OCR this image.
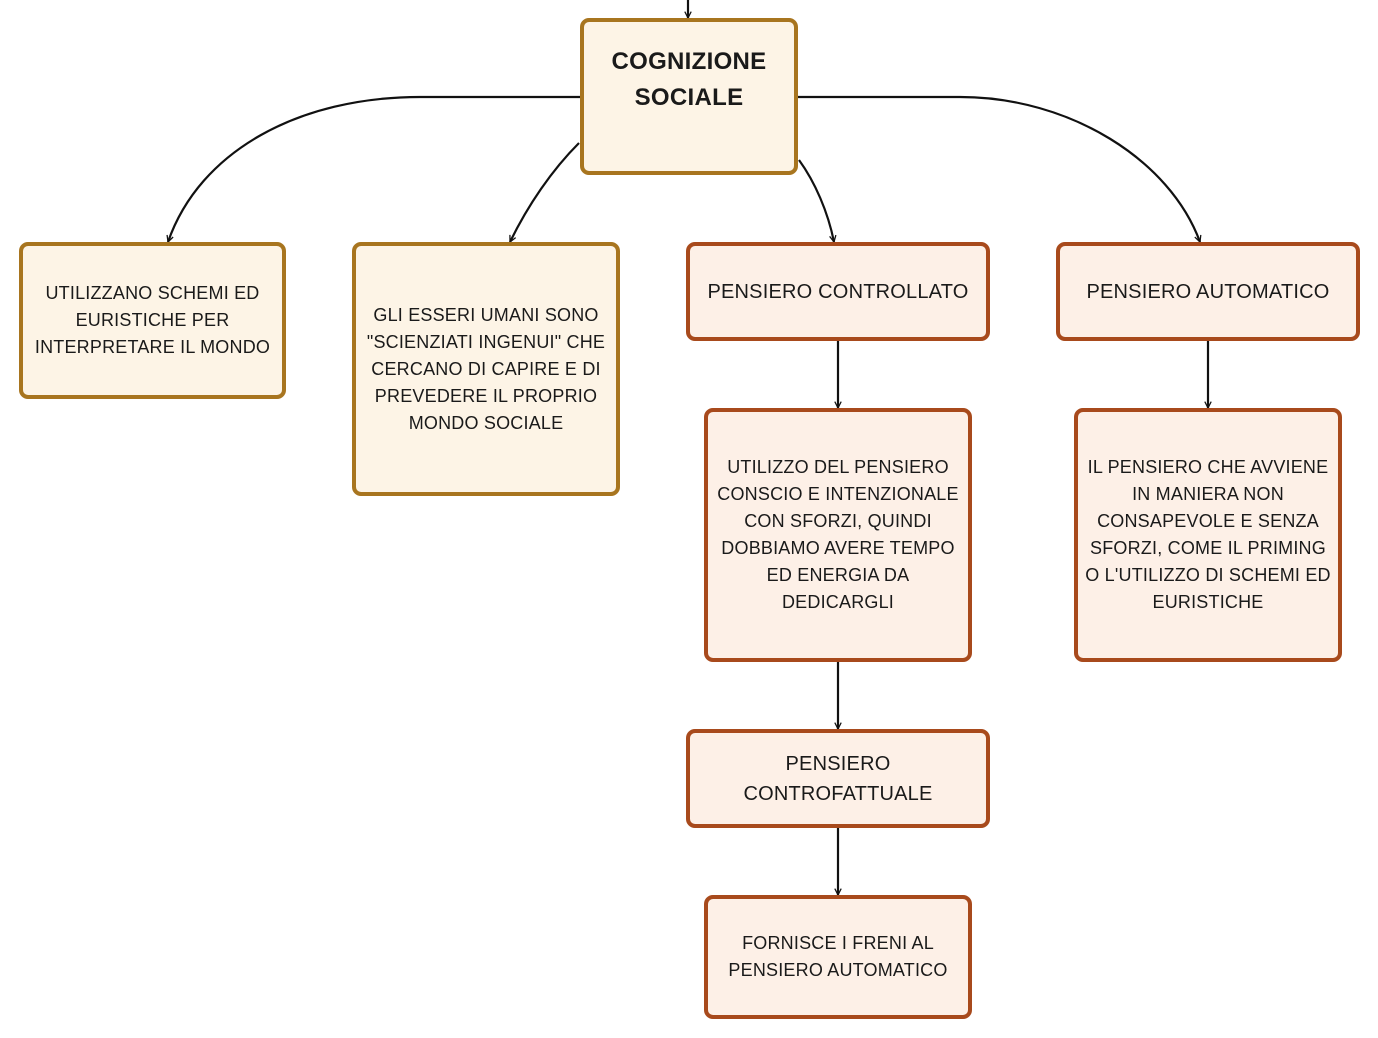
COGNIZIONE SOCIALE
UTILIZZANO SCHEMI ED EURISTICHE PER INTERPRETARE IL MONDO
GLI ESSERI UMANI SONO "SCIENZIATI INGENUI" CHE CERCANO DI CAPIRE E DI PREVEDERE IL PROPRIO MONDO SOCIALE
PENSIERO CONTROLLATO	PENSIERO AUTOMATICO
UTILIZZO DEL PENSIERO CONSCIO E INTENZIONALE CON SFORZI, QUINDI DOBBIAMO AVERE TEMPO ED ENERGIA DA DEDICARGLI
IL PENSIERO CHE AVVIENE IN MANIERA NON CONSAPEVOLE E SENZA SFORZI, COME IL PRIMING O L'UTILIZZO DI SCHEMI ED EURISTICHE
PENSIERO CONTROFATTUALE
FORNISCE I FRENI AL PENSIERO AUTOMATICO
